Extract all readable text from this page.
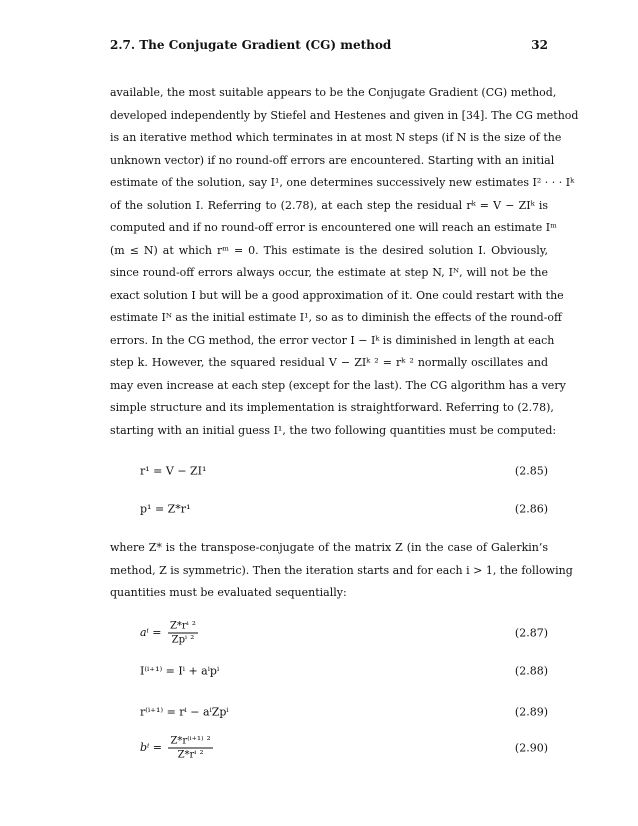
2.7. The Conjugate Gradient (CG) method	32
available, the most suitable appears to be the Conjugate Gradient (CG) method,
developed independently by Stiefel and Hestenes and given in [34]. The CG method
is an iterative method which terminates in at most N steps (if N is the size of the
unknown vector) if no round-off errors are encountered. Starting with an initial
estimate of the solution, say I¹, one determines successively new estimates I² · · · Iᵏ
of the solution I. Referring to (2.78), at each step the residual rᵏ = V − ZIᵏ is
computed and if no round-off error is encountered one will reach an estimate Iᵐ
(m ≤ N) at which rᵐ = 0. This estimate is the desired solution I. Obviously,
since round-off errors always occur, the estimate at step N, Iᴺ, will not be the
exact solution I but will be a good approximation of it. One could restart with the
estimate Iᴺ as the initial estimate I¹, so as to diminish the effects of the round-off
errors. In the CG method, the error vector I − Iᵏ is diminished in length at each
step k. However, the squared residual V − ZIᵏ ² = rᵏ ² normally oscillates and
may even increase at each step (except for the last). The CG algorithm has a very
simple structure and its implementation is straightforward. Referring to (2.78),
starting with an initial guess I¹, the two following quantities must be computed:
r¹ = V − ZI¹	(2.85)
p¹ = Z*r¹	(2.86)
where Z* is the transpose-conjugate of the matrix Z (in the case of Galerkin’s
method, Z is symmetric). Then the iteration starts and for each i > 1, the following
quantities must be evaluated sequentially:
$a^i = \frac{\text{Z*rⁱ ²}}{\text{Zpⁱ ²}}$	(2.87)
I⁽ⁱ⁺¹⁾ = Iⁱ + aⁱpⁱ	(2.88)
r⁽ⁱ⁺¹⁾ = rⁱ − aⁱZpⁱ	(2.89)
$b^i = \frac{\text{Z*r⁽ⁱ⁺¹⁾ ²}}{\text{Z*rⁱ ²}}$	(2.90)
